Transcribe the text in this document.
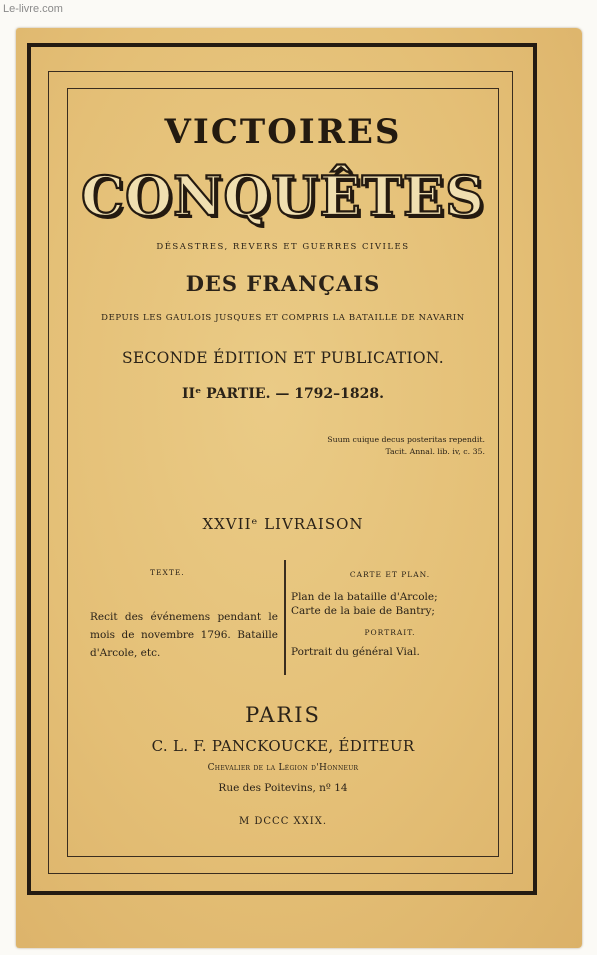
Le-livre.com
VICTOIRES
CONQUÊTES
DÉSASTRES, REVERS ET GUERRES CIVILES
DES FRANÇAIS
DEPUIS LES GAULOIS JUSQUES ET COMPRIS LA BATAILLE DE NAVARIN
SECONDE ÉDITION ET PUBLICATION.
IIᵉ PARTIE. — 1792–1828.
Suum cuique decus posteritas rependit.
Tacit. Annal. lib. iv, c. 35.
XXVIIᵉ LIVRAISON
TEXTE.
Recit des événemens pendant le mois de novembre 1796. Bataille d'Arcole, etc.
CARTE ET PLAN.
Plan de la bataille d'Arcole;
Carte de la baie de Bantry;
PORTRAIT.
Portrait du général Vial.
PARIS
C. L. F. PANCKOUCKE, ÉDITEUR
Chevalier de la Légion d'Honneur
Rue des Poitevins, nº 14
M DCCC XXIX.
